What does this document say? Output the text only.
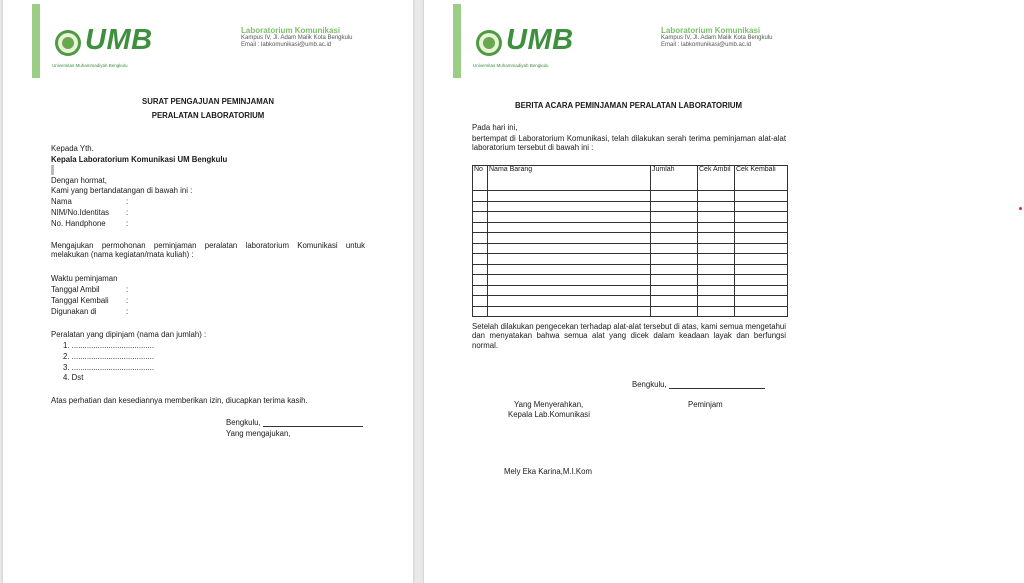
UMB
Universitas Muhammadiyah Bengkulu
Laboratorium Komunikasi
Kampus IV, Jl. Adam Malik Kota Bengkulu
Email : labkomunikasi@umb.ac.id
SURAT PENGAJUAN PEMINJAMAN
PERALATAN LABORATORIUM
Kepada Yth.
Kepala Laboratorium Komunikasi UM Bengkulu
Dengan hormat,
Kami yang bertandatangan di bawah ini :
Nama	:
NIM/No.Identitas :
No. Handphone	:
Mengajukan permohonan peminjaman peralatan laboratorium Komunikasi untuk melakukan (nama kegiatan/mata kuliah) :
Waktu peminjaman
Tanggal Ambil	:
Tanggal Kembali :
Digunakan di	:
Peralatan yang dipinjam (nama dan jumlah) :
1. ......................................
2. ......................................
3. ......................................
4. Dst
Atas perhatian dan kesediannya memberikan izin, diucapkan terima kasih.
Bengkulu,
Yang mengajukan,
UMB
Universitas Muhammadiyah Bengkulu
Laboratorium Komunikasi
Kampus IV, Jl. Adam Malik Kota Bengkulu
Email : labkomunikasi@umb.ac.id
BERITA ACARA PEMINJAMAN PERALATAN LABORATORIUM
Pada hari ini,
bertempat di Laboratorium Komunikasi, telah dilakukan serah terima peminjaman alat-alat laboratorium tersebut di bawah ini :
No	Nama Barang	Jumlah	Cek Ambil	Cek Kembali

Setelah dilakukan pengecekan terhadap alat-alat tersebut di atas, kami semua mengetahui dan menyatakan bahwa semua alat yang dicek dalam keadaan layak dan berfungsi normal.
Bengkulu,
Yang Menyerahkan,
Kepala Lab.Komunikasi
Peminjam
Mely Eka Karina,M.I.Kom
